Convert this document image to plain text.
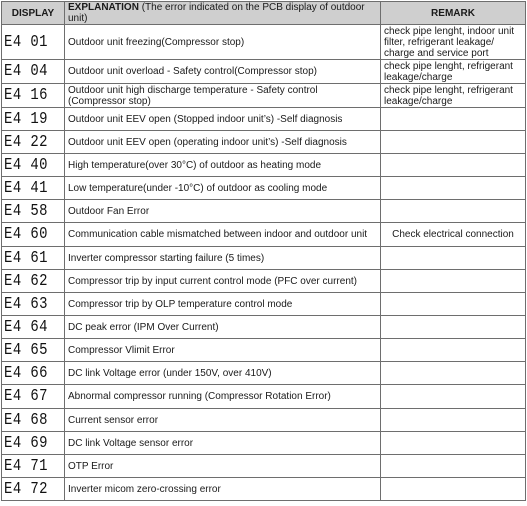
DISPLAY	EXPLANATION (The error indicated on the PCB display of outdoor unit)	REMARK
E4 01	Outdoor unit freezing(Compressor stop)	check pipe lenght, indoor unit filter, refrigerant leakage/ charge and service port
E4 04	Outdoor unit overload - Safety control(Compressor stop)	check pipe lenght, refrigerant leakage/charge
E4 16	Outdoor unit high discharge temperature - Safety control (Compressor stop)	check pipe lenght, refrigerant leakage/charge
E4 19	Outdoor unit EEV open (Stopped indoor unit’s) -Self diagnosis	
E4 22	Outdoor unit EEV open (operating indoor unit’s) -Self diagnosis	
E4 40	High temperature(over 30°C) of outdoor as heating mode	
E4 41	Low temperature(under -10°C) of outdoor as cooling mode	
E4 58	Outdoor Fan Error	
E4 60	Communication cable mismatched between indoor and outdoor unit	Check electrical connection
E4 61	Inverter compressor starting failure (5 times)	
E4 62	Compressor trip by input current control mode (PFC over current)	
E4 63	Compressor trip by OLP temperature control mode	
E4 64	DC peak error (IPM Over Current)	
E4 65	Compressor Vlimit Error	
E4 66	DC link Voltage error (under 150V, over 410V)	
E4 67	Abnormal compressor running (Compressor Rotation Error)	
E4 68	Current sensor error	
E4 69	DC link Voltage sensor error	
E4 71	OTP Error	
E4 72	Inverter micom zero-crossing error	
